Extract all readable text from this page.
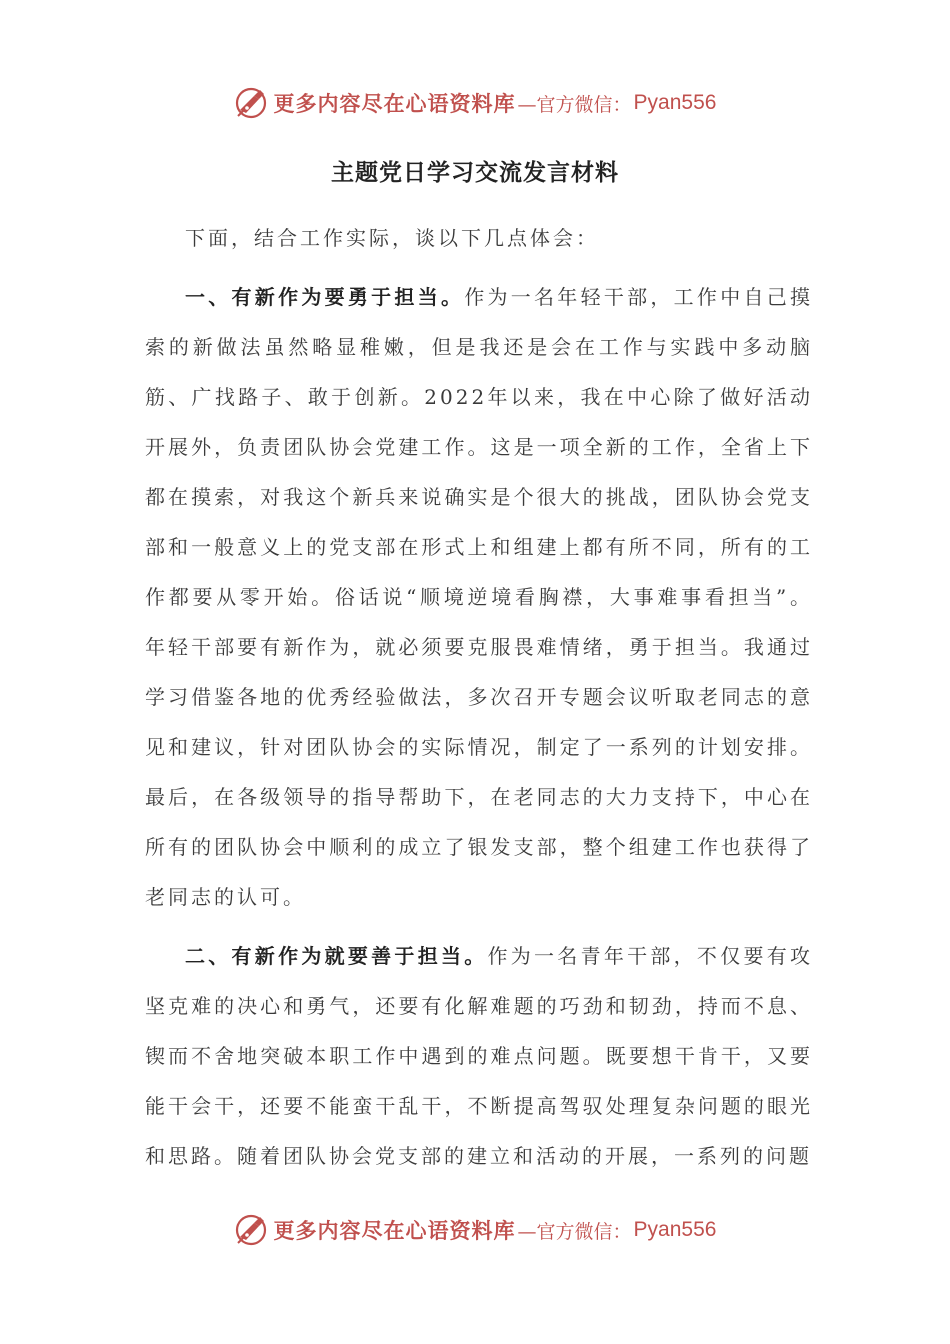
更多内容尽在心语资料库 —官方微信： Pyan556
主题党日学习交流发言材料

下面，结合工作实际，谈以下几点体会：

一、有新作为要勇于担当。作为一名年轻干部，工作中自己摸索的新做法虽然略显稚嫩，但是我还是会在工作与实践中多动脑筋、广找路子、敢于创新。2022年以来，我在中心除了做好活动开展外，负责团队协会党建工作。这是一项全新的工作，全省上下都在摸索，对我这个新兵来说确实是个很大的挑战，团队协会党支部和一般意义上的党支部在形式上和组建上都有所不同，所有的工作都要从零开始。俗话说“顺境逆境看胸襟，大事难事看担当”。年轻干部要有新作为，就必须要克服畏难情绪，勇于担当。我通过学习借鉴各地的优秀经验做法，多次召开专题会议听取老同志的意见和建议，针对团队协会的实际情况，制定了一系列的计划安排。最后，在各级领导的指导帮助下，在老同志的大力支持下，中心在所有的团队协会中顺利的成立了银发支部，整个组建工作也获得了老同志的认可。

二、有新作为就要善于担当。作为一名青年干部，不仅要有攻坚克难的决心和勇气，还要有化解难题的巧劲和韧劲，持而不息、锲而不舍地突破本职工作中遇到的难点问题。既要想干肯干，又要能干会干，还要不能蛮干乱干，不断提高驾驭处理复杂问题的眼光和思路。随着团队协会党支部的建立和活动的开展，一系列的问题

更多内容尽在心语资料库 —官方微信： Pyan556
